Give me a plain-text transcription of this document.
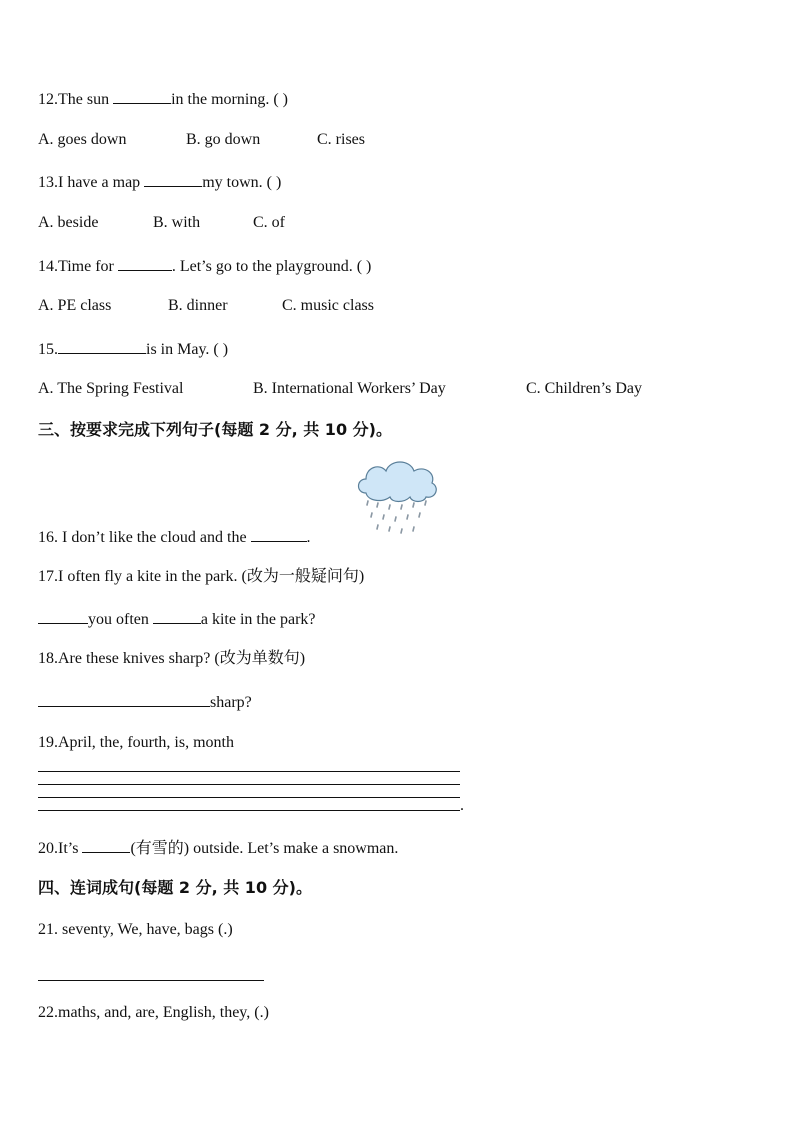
12.The sun	in the morning. ( )
A. goes down	B. go down	C. rises
13.I have a map	my town. ( )
A. beside	B. with	C. of
14.Time for	. Let’s go to the playground. ( )
A. PE class	B. dinner	C. music class
15.	is in May. ( )
A. The Spring Festival	B. International Workers’ Day	C. Children’s Day
三、按要求完成下列句子(每题 2 分, 共 10 分)。
16. I don’t like the cloud and the	.
17.I often fly a kite in the park. (改为一般疑问句)
you often	a kite in the park?
18.Are these knives sharp? (改为单数句)
sharp?
19.April, the, fourth, is, month
.
20.It’s	(有雪的) outside. Let’s make a snowman.
四、连词成句(每题 2 分, 共 10 分)。
21. seventy, We, have, bags (.)
22.maths, and, are, English, they, (.)
